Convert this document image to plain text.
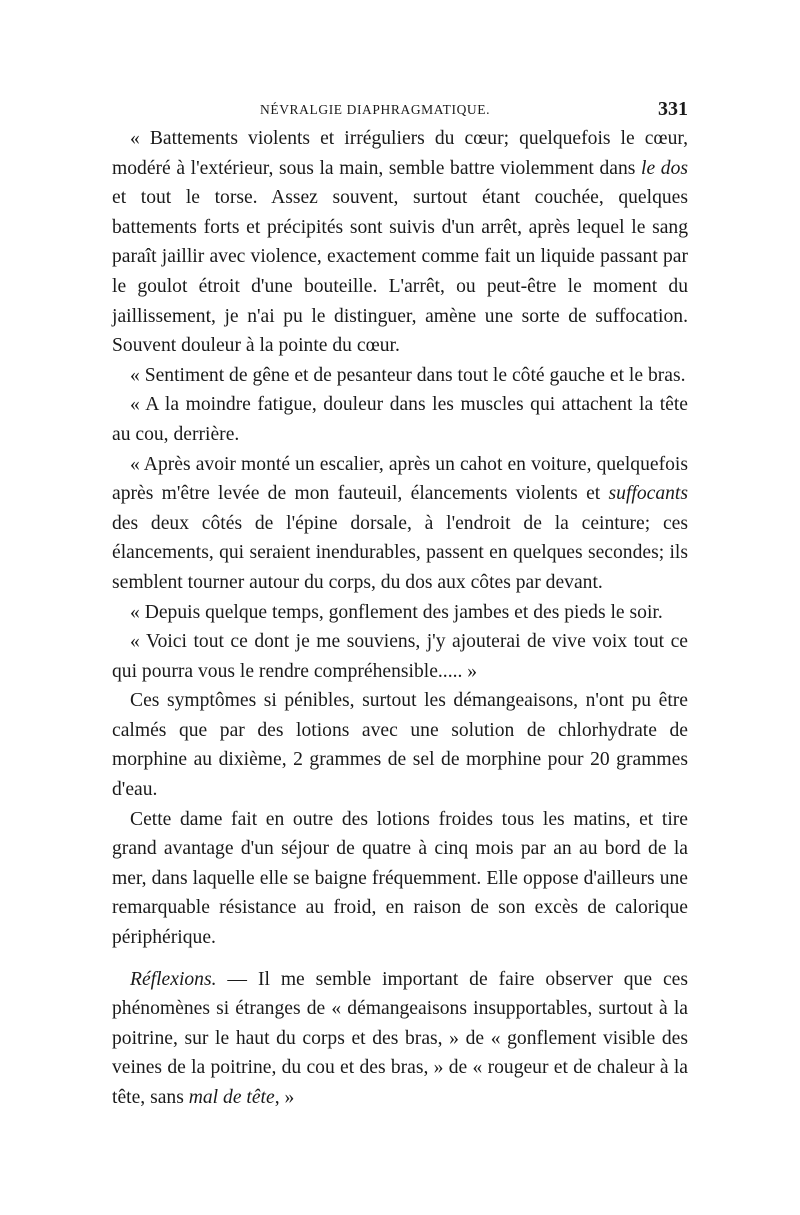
NÉVRALGIE DIAPHRAGMATIQUE.	331

« Battements violents et irréguliers du cœur; quelquefois le cœur, modéré à l'extérieur, sous la main, semble battre violemment dans le dos et tout le torse. Assez souvent, surtout étant couchée, quelques battements forts et précipités sont suivis d'un arrêt, après lequel le sang paraît jaillir avec violence, exactement comme fait un liquide passant par le goulot étroit d'une bouteille. L'arrêt, ou peut-être le moment du jaillissement, je n'ai pu le distinguer, amène une sorte de suffocation. Souvent douleur à la pointe du cœur.

« Sentiment de gêne et de pesanteur dans tout le côté gauche et le bras.

« A la moindre fatigue, douleur dans les muscles qui attachent la tête au cou, derrière.

« Après avoir monté un escalier, après un cahot en voiture, quelquefois après m'être levée de mon fauteuil, élancements violents et suffocants des deux côtés de l'épine dorsale, à l'endroit de la ceinture; ces élancements, qui seraient inendurables, passent en quelques secondes; ils semblent tourner autour du corps, du dos aux côtes par devant.

« Depuis quelque temps, gonflement des jambes et des pieds le soir.

« Voici tout ce dont je me souviens, j'y ajouterai de vive voix tout ce qui pourra vous le rendre compréhensible..... »

Ces symptômes si pénibles, surtout les démangeaisons, n'ont pu être calmés que par des lotions avec une solution de chlorhydrate de morphine au dixième, 2 grammes de sel de morphine pour 20 grammes d'eau.

Cette dame fait en outre des lotions froides tous les matins, et tire grand avantage d'un séjour de quatre à cinq mois par an au bord de la mer, dans laquelle elle se baigne fréquemment. Elle oppose d'ailleurs une remarquable résistance au froid, en raison de son excès de calorique périphérique.

Réflexions. — Il me semble important de faire observer que ces phénomènes si étranges de « démangeaisons insupportables, surtout à la poitrine, sur le haut du corps et des bras, » de « gonflement visible des veines de la poitrine, du cou et des bras, » de « rougeur et de chaleur à la tête, sans mal de tête, »
